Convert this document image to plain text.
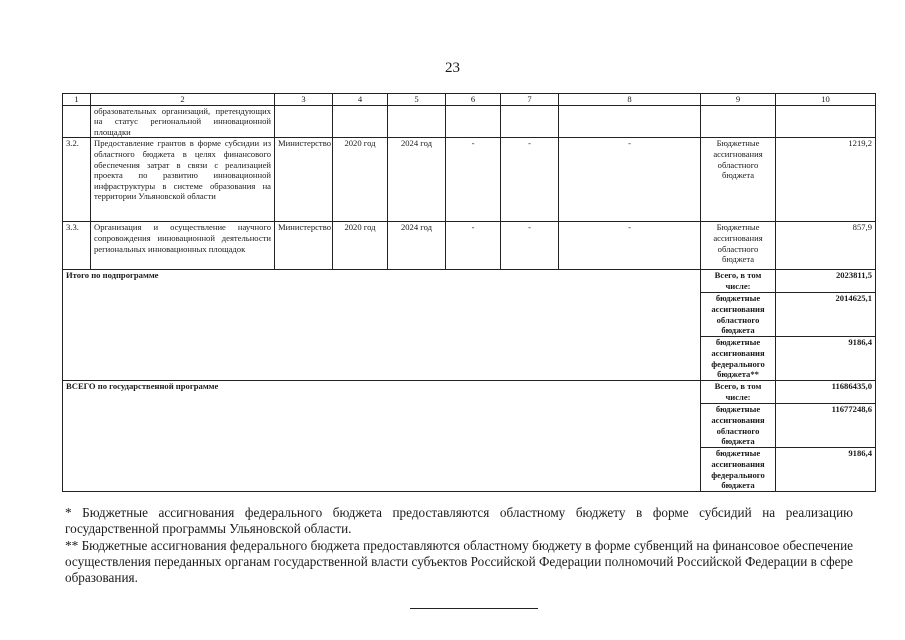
23
1	2	3	4	5	6	7	8	9	10
	образовательных организаций, претендующих на статус региональной инновационной площадки								
3.2.	Предоставление грантов в форме субсидии из областного бюджета в целях финансового обеспечения затрат в связи с реализацией проекта по развитию инновационной инфраструктуры в системе образования на территории Ульяновской области	Министерство	2020 год	2024 год	-	-	-	Бюджетные ассигнования областного бюджета	1219,2
3.3.	Организация и осуществление научного сопровождения инновационной деятельности региональных инновационных площадок	Министерство	2020 год	2024 год	-	-	-	Бюджетные ассигнования областного бюджета	857,9
Итого по подпрограмме								Всего, в том числе:	2023811,5
								бюджетные ассигнования областного бюджета	2014625,1
								бюджетные ассигнования федерального бюджета**	9186,4
ВСЕГО по государственной программе								Всего, в том числе:	11686435,0
								бюджетные ассигнования областного бюджета	11677248,6
								бюджетные ассигнования федерального бюджета	9186,4

* Бюджетные ассигнования федерального бюджета предоставляются областному бюджету в форме субсидий на реализацию государственной программы Ульяновской области.

** Бюджетные ассигнования федерального бюджета предоставляются областному бюджету в форме субвенций на финансовое обеспечение осуществления переданных органам государственной власти субъектов Российской Федерации полномочий Российской Федерации в сфере образования.
